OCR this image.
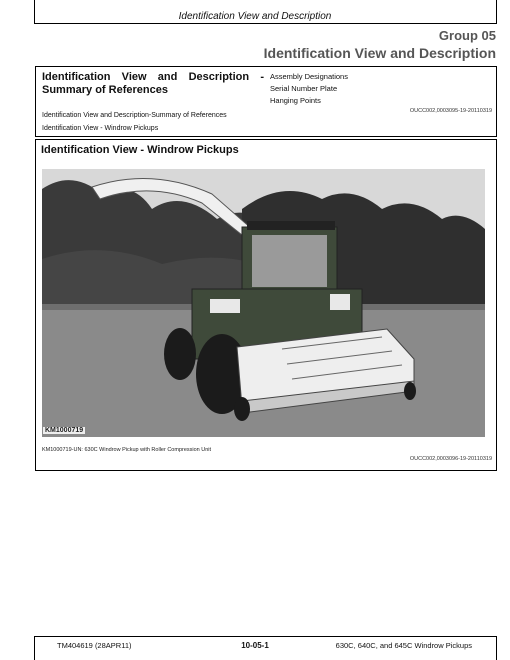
Identification View and Description
Group 05
Identification View and Description
Identification View and Description - Summary of References
Assembly Designations
Serial Number Plate
Hanging Points
Identification View and Description-Summary of References
Identification View - Windrow Pickups
OUCC002,0003095-19-20110319
Identification View - Windrow Pickups
KM1000719
KM1000719-UN: 630C Windrow Pickup with Roller Compression Unit
OUCC002,0003096-19-20110319
TM404619 (28APR11)	10-05-1	630C, 640C, and 645C Windrow Pickups
